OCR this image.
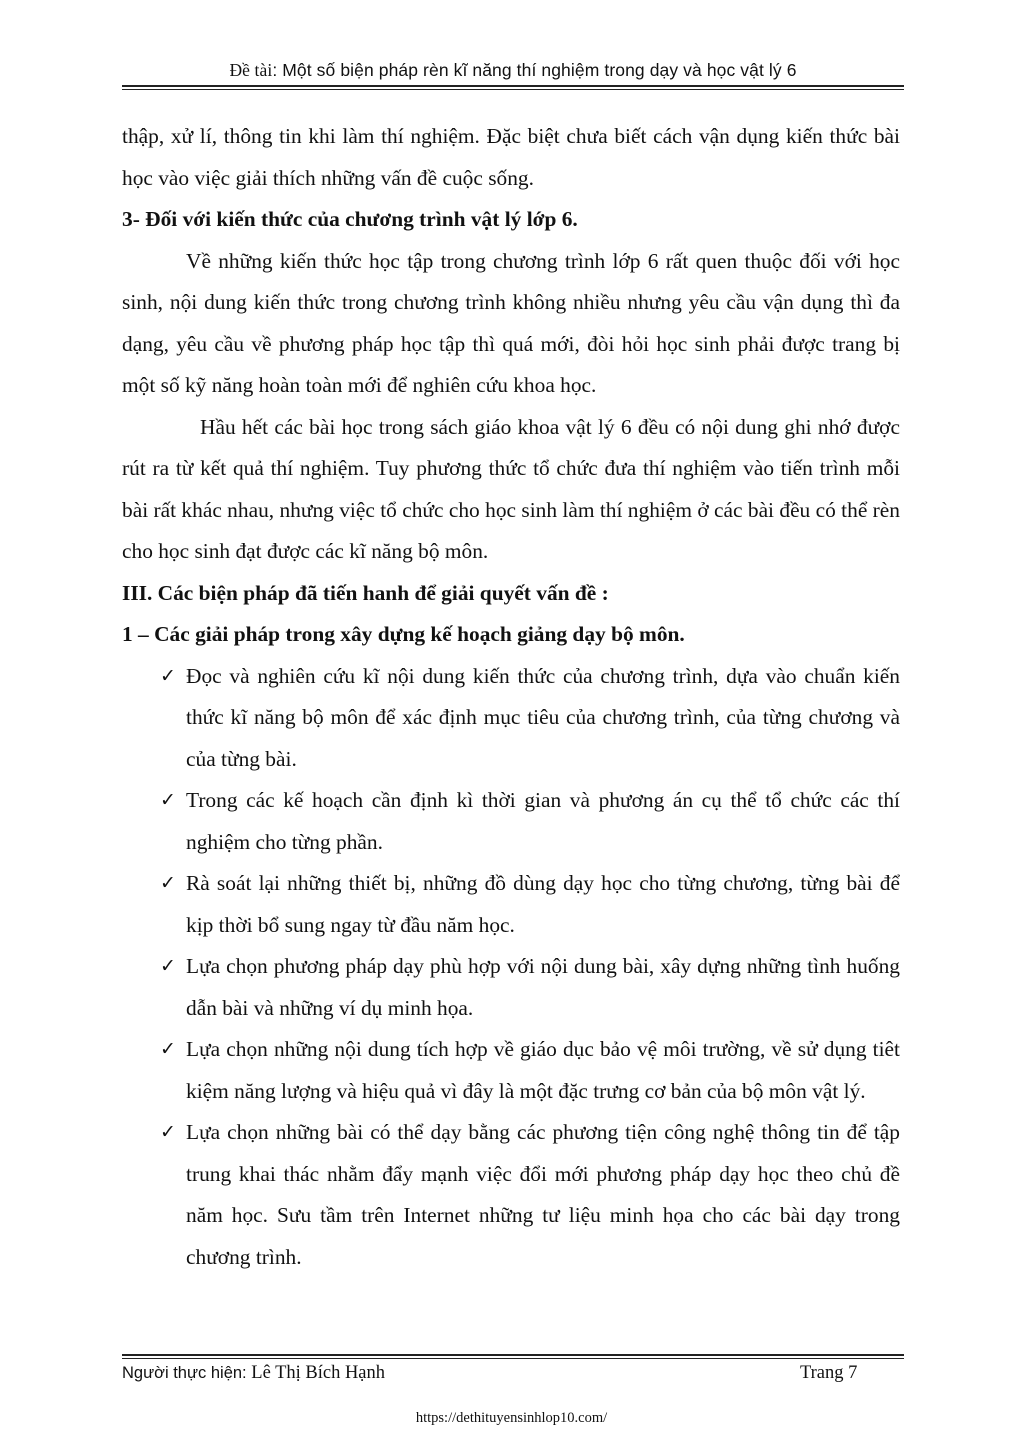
Đề tài: Một số biện pháp rèn kĩ năng thí nghiệm trong dạy và học vật lý 6

thập, xử lí, thông tin khi làm thí nghiệm. Đặc biệt chưa biết cách vận dụng kiến thức bài học vào việc giải thích những vấn đề cuộc sống.

3- Đối với kiến thức của chương trình vật lý lớp 6.

Về những kiến thức học tập trong chương trình lớp 6 rất quen thuộc đối với học sinh, nội dung kiến thức trong chương trình không nhiều nhưng yêu cầu vận dụng thì đa dạng, yêu cầu về phương pháp học tập thì quá mới, đòi hỏi học sinh phải được trang bị một số kỹ năng hoàn toàn mới để nghiên cứu khoa học.

Hầu hết các bài học trong sách giáo khoa vật lý 6 đều có nội dung ghi nhớ được rút ra từ kết quả thí nghiệm. Tuy phương thức tổ chức đưa thí nghiệm vào tiến trình mỗi bài rất khác nhau, nhưng việc tổ chức cho học sinh làm thí nghiệm ở các bài đều có thể rèn cho học sinh đạt được các kĩ năng bộ môn.

III. Các biện pháp đã tiến hanh để giải quyết vấn đề :

1 – Các giải pháp trong xây dựng kế hoạch giảng dạy bộ môn.

✓ Đọc và nghiên cứu kĩ nội dung kiến thức của chương trình, dựa vào chuẩn kiến thức kĩ năng bộ môn để xác định mục tiêu của chương trình, của từng chương và của từng bài.
✓ Trong các kế hoạch cần định kì thời gian và phương án cụ thể tổ chức các thí nghiệm cho từng phần.
✓ Rà soát lại những thiết bị, những đồ dùng dạy học cho từng chương, từng bài để kịp thời bổ sung ngay từ đầu năm học.
✓ Lựa chọn phương pháp dạy phù hợp với nội dung bài, xây dựng những tình huống dẫn bài và những ví dụ minh họa.
✓ Lựa chọn những nội dung tích hợp về giáo dục bảo vệ môi trường, về sử dụng tiêt kiệm năng lượng và hiệu quả vì đây là một đặc trưng cơ bản của bộ môn vật lý.
✓ Lựa chọn những bài có thể dạy bằng các phương tiện công nghệ thông tin để tập trung khai thác nhằm đẩy mạnh việc đổi mới phương pháp dạy học theo chủ đề năm học. Sưu tầm trên Internet những tư liệu minh họa cho các bài dạy trong chương trình.
Người thực hiện: Lê Thị Bích Hạnh	Trang 7
https://dethituyensinhlop10.com/
